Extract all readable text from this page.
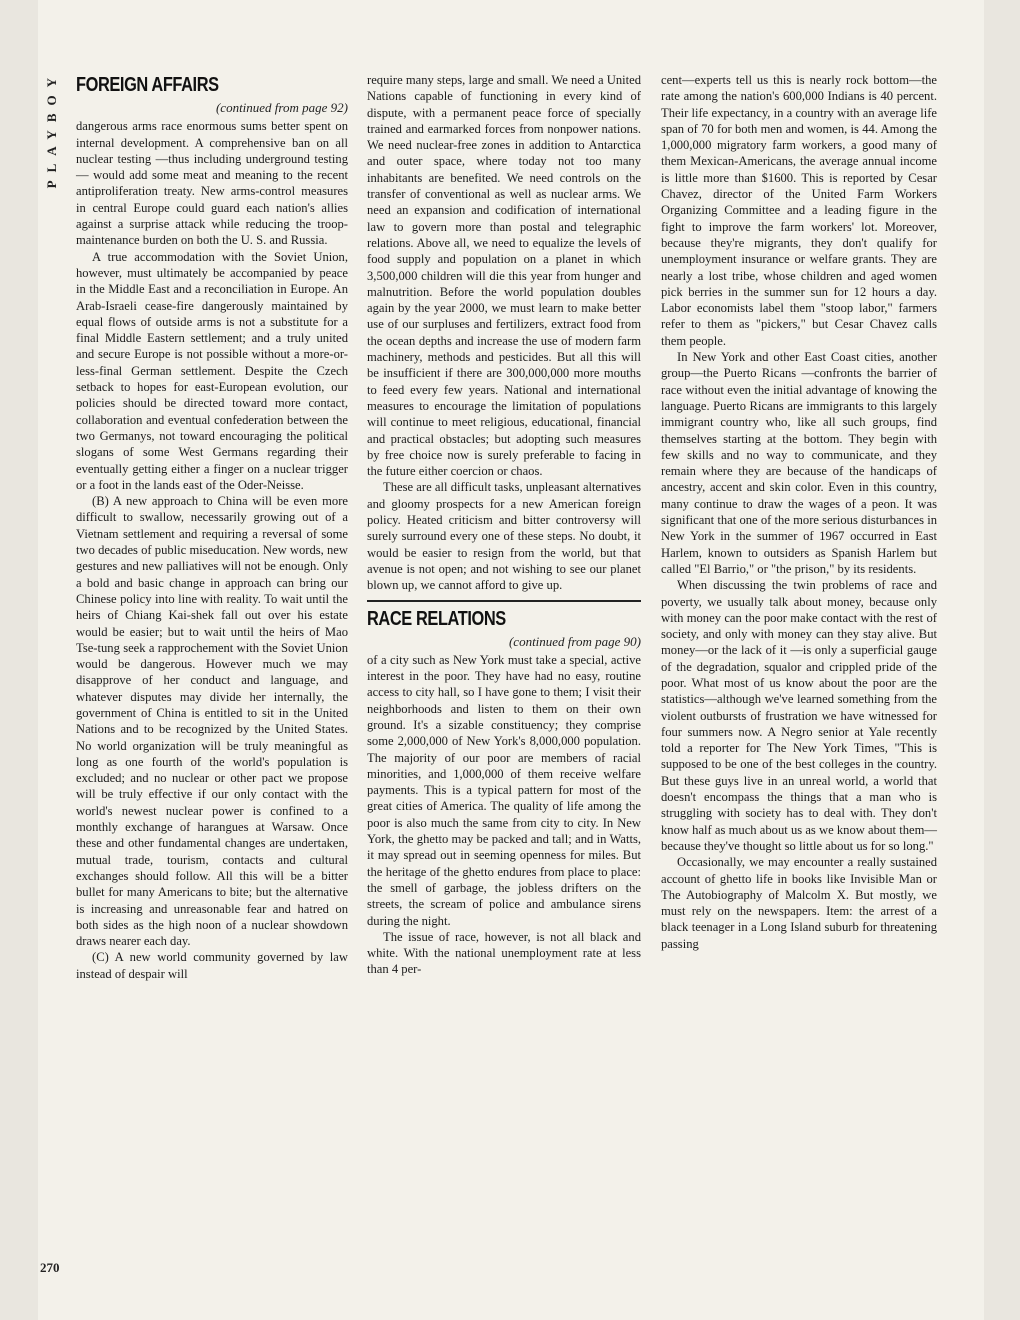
PLAYBOY
270
FOREIGN AFFAIRS
(continued from page 92)

dangerous arms race enormous sums better spent on internal development. A comprehensive ban on all nuclear testing —thus including underground testing— would add some meat and meaning to the recent antiproliferation treaty. New arms-control measures in central Europe could guard each nation's allies against a surprise attack while reducing the troop-maintenance burden on both the U. S. and Russia.

A true accommodation with the Soviet Union, however, must ultimately be accompanied by peace in the Middle East and a reconciliation in Europe. An Arab-Israeli cease-fire dangerously maintained by equal flows of outside arms is not a substitute for a final Middle Eastern settlement; and a truly united and secure Europe is not possible without a more-or-less-final German settlement. Despite the Czech setback to hopes for east-European evolution, our policies should be directed toward more contact, collaboration and eventual confederation between the two Germanys, not toward encouraging the political slogans of some West Germans regarding their eventually getting either a finger on a nuclear trigger or a foot in the lands east of the Oder-Neisse.

(B) A new approach to China will be even more difficult to swallow, necessarily growing out of a Vietnam settlement and requiring a reversal of some two decades of public miseducation. New words, new gestures and new palliatives will not be enough. Only a bold and basic change in approach can bring our Chinese policy into line with reality. To wait until the heirs of Chiang Kai-shek fall out over his estate would be easier; but to wait until the heirs of Mao Tse-tung seek a rapprochement with the Soviet Union would be dangerous. However much we may disapprove of her conduct and language, and whatever disputes may divide her internally, the government of China is entitled to sit in the United Nations and to be recognized by the United States. No world organization will be truly meaningful as long as one fourth of the world's population is excluded; and no nuclear or other pact we propose will be truly effective if our only contact with the world's newest nuclear power is confined to a monthly exchange of harangues at Warsaw. Once these and other fundamental changes are undertaken, mutual trade, tourism, contacts and cultural exchanges should follow. All this will be a bitter bullet for many Americans to bite; but the alternative is increasing and unreasonable fear and hatred on both sides as the high noon of a nuclear showdown draws nearer each day.

(C) A new world community governed by law instead of despair will

require many steps, large and small. We need a United Nations capable of functioning in every kind of dispute, with a permanent peace force of specially trained and earmarked forces from nonpower nations. We need nuclear-free zones in addition to Antarctica and outer space, where today not too many inhabitants are benefited. We need controls on the transfer of conventional as well as nuclear arms. We need an expansion and codification of international law to govern more than postal and telegraphic relations. Above all, we need to equalize the levels of food supply and population on a planet in which 3,500,000 children will die this year from hunger and malnutrition. Before the world population doubles again by the year 2000, we must learn to make better use of our surpluses and fertilizers, extract food from the ocean depths and increase the use of modern farm machinery, methods and pesticides. But all this will be insufficient if there are 300,000,000 more mouths to feed every few years. National and international measures to encourage the limitation of populations will continue to meet religious, educational, financial and practical obstacles; but adopting such measures by free choice now is surely preferable to facing in the future either coercion or chaos.

These are all difficult tasks, unpleasant alternatives and gloomy prospects for a new American foreign policy. Heated criticism and bitter controversy will surely surround every one of these steps. No doubt, it would be easier to resign from the world, but that avenue is not open; and not wishing to see our planet blown up, we cannot afford to give up.

RACE RELATIONS
(continued from page 90)

of a city such as New York must take a special, active interest in the poor. They have had no easy, routine access to city hall, so I have gone to them; I visit their neighborhoods and listen to them on their own ground. It's a sizable constituency; they comprise some 2,000,000 of New York's 8,000,000 population. The majority of our poor are members of racial minorities, and 1,000,000 of them receive welfare payments. This is a typical pattern for most of the great cities of America. The quality of life among the poor is also much the same from city to city. In New York, the ghetto may be packed and tall; and in Watts, it may spread out in seeming openness for miles. But the heritage of the ghetto endures from place to place: the smell of garbage, the jobless drifters on the streets, the scream of police and ambulance sirens during the night.

The issue of race, however, is not all black and white. With the national unemployment rate at less than 4 per-

cent—experts tell us this is nearly rock bottom—the rate among the nation's 600,000 Indians is 40 percent. Their life expectancy, in a country with an average life span of 70 for both men and women, is 44. Among the 1,000,000 migratory farm workers, a good many of them Mexican-Americans, the average annual income is little more than $1600. This is reported by Cesar Chavez, director of the United Farm Workers Organizing Committee and a leading figure in the fight to improve the farm workers' lot. Moreover, because they're migrants, they don't qualify for unemployment insurance or welfare grants. They are nearly a lost tribe, whose children and aged women pick berries in the summer sun for 12 hours a day. Labor economists label them "stoop labor," farmers refer to them as "pickers," but Cesar Chavez calls them people.

In New York and other East Coast cities, another group—the Puerto Ricans —confronts the barrier of race without even the initial advantage of knowing the language. Puerto Ricans are immigrants to this largely immigrant country who, like all such groups, find themselves starting at the bottom. They begin with few skills and no way to communicate, and they remain where they are because of the handicaps of ancestry, accent and skin color. Even in this country, many continue to draw the wages of a peon. It was significant that one of the more serious disturbances in New York in the summer of 1967 occurred in East Harlem, known to outsiders as Spanish Harlem but called "El Barrio," or "the prison," by its residents.

When discussing the twin problems of race and poverty, we usually talk about money, because only with money can the poor make contact with the rest of society, and only with money can they stay alive. But money—or the lack of it —is only a superficial gauge of the degradation, squalor and crippled pride of the poor. What most of us know about the poor are the statistics—although we've learned something from the violent outbursts of frustration we have witnessed for four summers now. A Negro senior at Yale recently told a reporter for The New York Times, "This is supposed to be one of the best colleges in the country. But these guys live in an unreal world, a world that doesn't encompass the things that a man who is struggling with society has to deal with. They don't know half as much about us as we know about them—because they've thought so little about us for so long."

Occasionally, we may encounter a really sustained account of ghetto life in books like Invisible Man or The Autobiography of Malcolm X. But mostly, we must rely on the newspapers. Item: the arrest of a black teenager in a Long Island suburb for threatening passing
